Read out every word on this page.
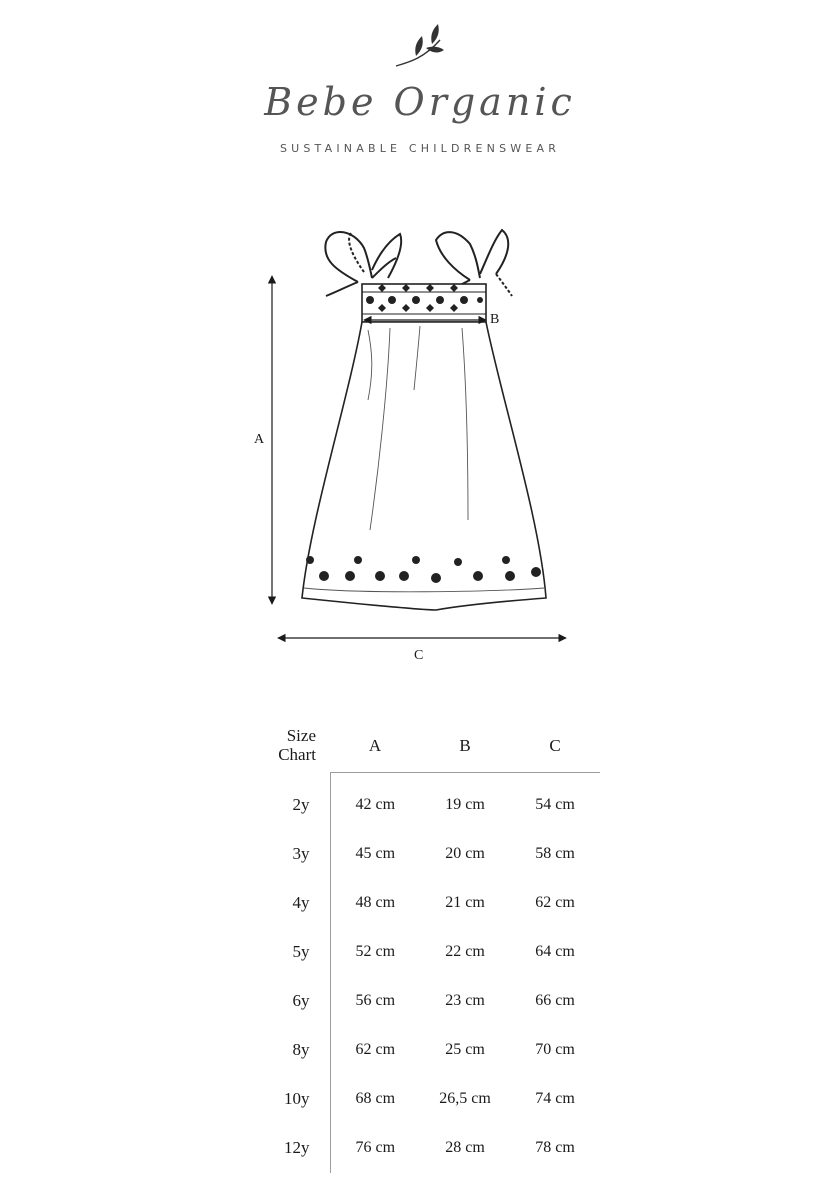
Bebe Organic
SUSTAINABLE CHILDRENSWEAR
A
B
C
Size
Chart	A	B	C
2y	42 cm	19 cm	54 cm
3y	45 cm	20 cm	58 cm
4y	48 cm	21 cm	62 cm
5y	52 cm	22 cm	64 cm
6y	56 cm	23 cm	66 cm
8y	62 cm	25 cm	70 cm
10y	68 cm	26,5 cm	74 cm
12y	76 cm	28 cm	78 cm
